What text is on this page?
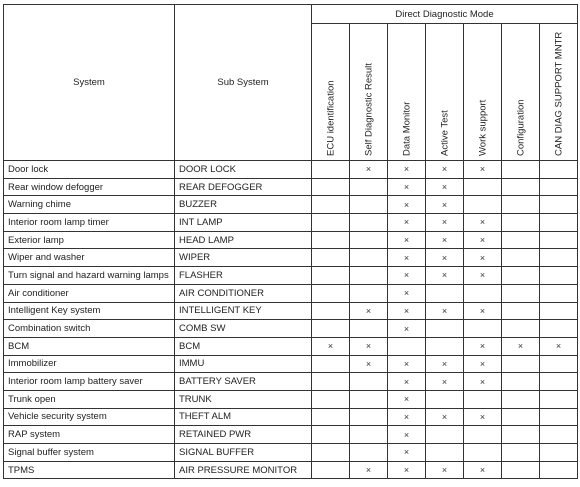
System	Sub System	Direct Diagnostic Mode						

		ECU identification	Self Diagnostic Result	Data Monitor	Active Test	Work support	Configuration	CAN DIAG SUPPORT MNTR

Door lock	DOOR LOCK		×	×	×	×		
Rear window defogger	REAR DEFOGGER			×	×			
Warning chime	BUZZER			×	×			
Interior room lamp timer	INT LAMP			×	×	×		
Exterior lamp	HEAD LAMP			×	×	×		
Wiper and washer	WIPER			×	×	×		
Turn signal and hazard warning lamps	FLASHER			×	×	×		
Air conditioner	AIR CONDITIONER			×				
Intelligent Key system	INTELLIGENT KEY		×	×	×	×		
Combination switch	COMB SW			×				
BCM	BCM	×	×			×	×	×
Immobilizer	IMMU		×	×	×	×		
Interior room lamp battery saver	BATTERY SAVER			×	×	×		
Trunk open	TRUNK			×				
Vehicle security system	THEFT ALM			×	×	×		
RAP system	RETAINED PWR			×				
Signal buffer system	SIGNAL BUFFER			×				
TPMS	AIR PRESSURE MONITOR		×	×	×	×		
